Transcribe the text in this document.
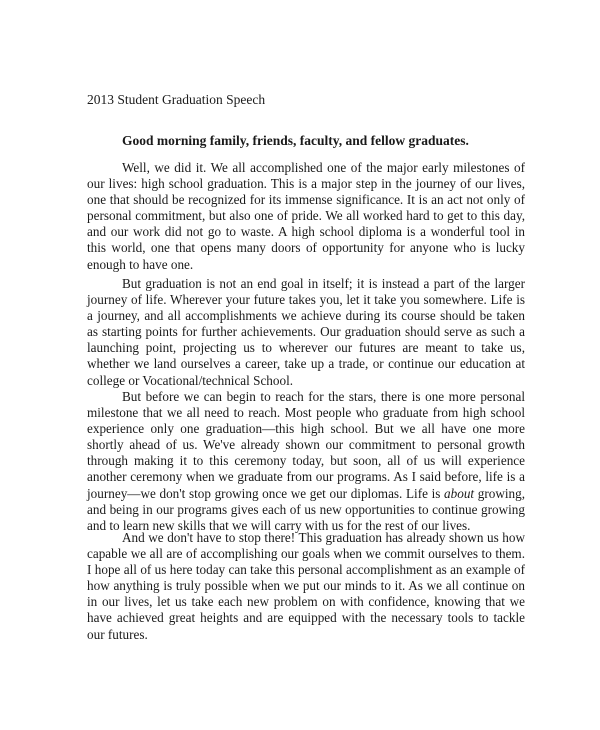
2013 Student Graduation Speech
Good morning family, friends, faculty, and fellow graduates.

Well, we did it. We all accomplished one of the major early milestones of our lives: high school graduation. This is a major step in the journey of our lives, one that should be recognized for its immense significance. It is an act not only of personal commitment, but also one of pride. We all worked hard to get to this day, and our work did not go to waste. A high school diploma is a wonderful tool in this world, one that opens many doors of opportunity for anyone who is lucky enough to have one.

But graduation is not an end goal in itself; it is instead a part of the larger journey of life. Wherever your future takes you, let it take you somewhere. Life is a journey, and all accomplishments we achieve during its course should be taken as starting points for further achievements. Our graduation should serve as such a launching point, projecting us to wherever our futures are meant to take us, whether we land ourselves a career, take up a trade, or continue our education at college or Vocational/technical School.

But before we can begin to reach for the stars, there is one more personal milestone that we all need to reach. Most people who graduate from high school experience only one graduation—this high school. But we all have one more shortly ahead of us. We've already shown our commitment to personal growth through making it to this ceremony today, but soon, all of us will experience another ceremony when we graduate from our programs. As I said before, life is a journey—we don't stop growing once we get our diplomas. Life is about growing, and being in our programs gives each of us new opportunities to continue growing and to learn new skills that we will carry with us for the rest of our lives.

And we don't have to stop there! This graduation has already shown us how capable we all are of accomplishing our goals when we commit ourselves to them. I hope all of us here today can take this personal accomplishment as an example of how anything is truly possible when we put our minds to it. As we all continue on in our lives, let us take each new problem on with confidence, knowing that we have achieved great heights and are equipped with the necessary tools to tackle our futures.
